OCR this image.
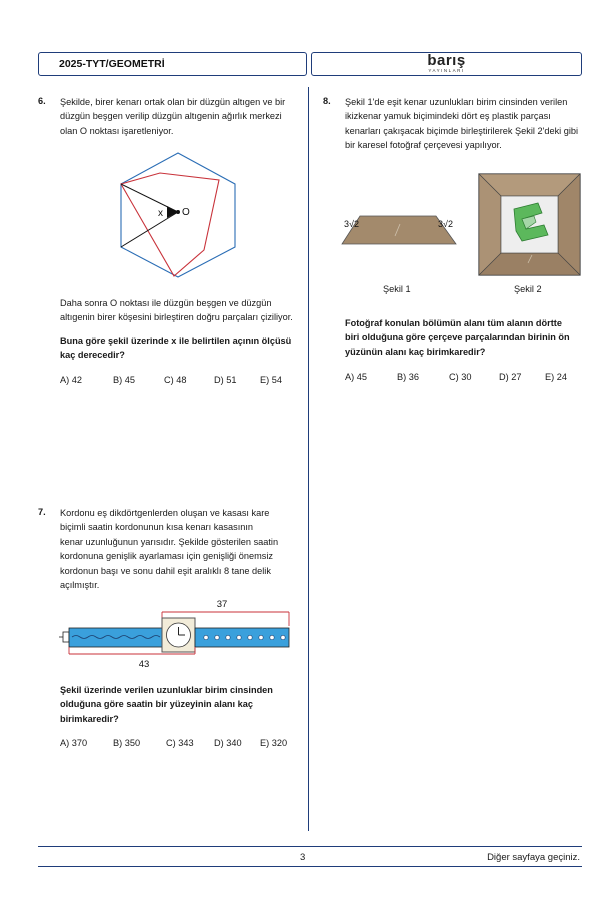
2025-TYT/GEOMETRİ	barış
YAYINLARI
6. Şekilde, birer kenarı ortak olan bir düzgün altıgen ve bir
düzgün beşgen verilip düzgün altıgenin ağırlık merkezi
olan O noktası işaretleniyor.
x O
Daha sonra O noktası ile düzgün beşgen ve düzgün
altıgenin birer köşesini birleştiren doğru parçaları çiziliyor.
Buna göre şekil üzerinde x ile belirtilen açının ölçüsü
kaç derecedir?
A) 42	B) 45	C) 48	D) 51	E) 54
7. Kordonu eş dikdörtgenlerden oluşan ve kasası kare
biçimli saatin kordonunun kısa kenarı kasasının
kenar uzunluğunun yarısıdır. Şekilde gösterilen saatin
kordonuna genişlik ayarlaması için genişliği önemsiz
kordonun başı ve sonu dahil eşit aralıklı 8 tane delik
açılmıştır.
37
43
Şekil üzerinde verilen uzunluklar birim cinsinden
olduğuna göre saatin bir yüzeyinin alanı kaç
birimkaredir?
A) 370	B) 350	C) 343 D) 340 E) 320
8. Şekil 1'de eşit kenar uzunlukları birim cinsinden verilen
ikizkenar yamuk biçimindeki dört eş plastik parçası
kenarları çakışacak biçimde birleştirilerek Şekil 2'deki gibi
bir karesel fotoğraf çerçevesi yapılıyor.
3√2	3√2
Şekil 1	Şekil 2
Fotoğraf konulan bölümün alanı tüm alanın dörtte
biri olduğuna göre çerçeve parçalarından birinin ön
yüzünün alanı kaç birimkaredir?
A) 45	B) 36	C) 30	D) 27	E) 24
3	Diğer sayfaya geçiniz.
